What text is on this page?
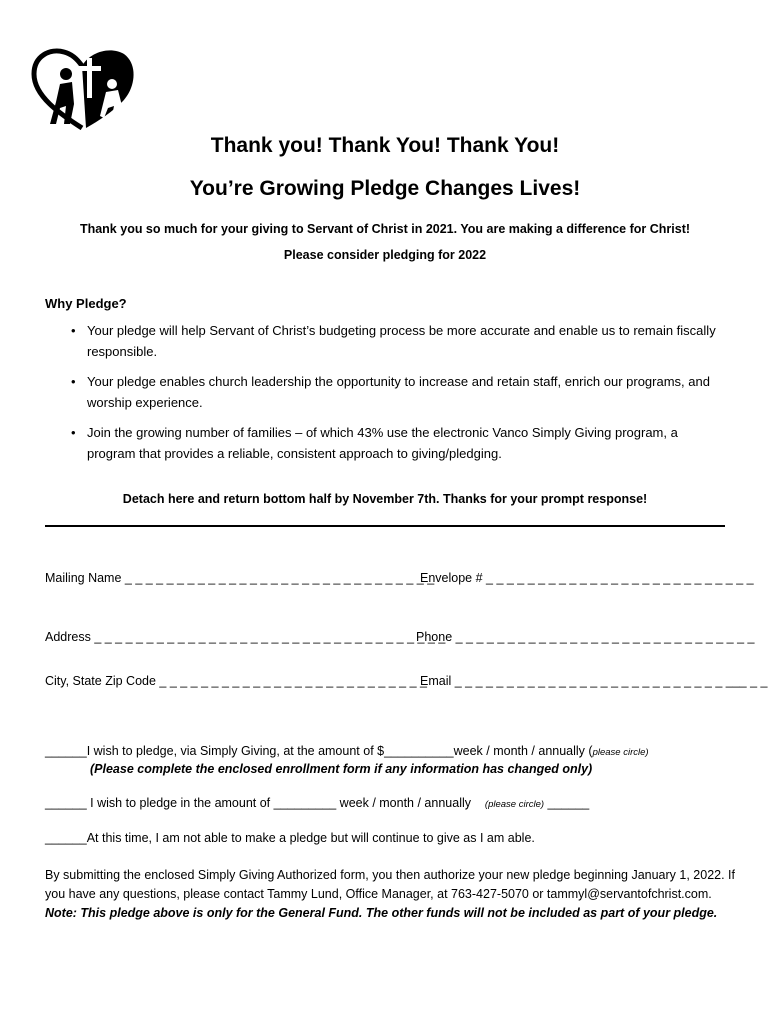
Thank you! Thank You! Thank You!
You’re Growing Pledge Changes Lives!
Thank you so much for your giving to Servant of Christ in 2021. You are making a difference for Christ!
Please consider pledging for 2022
Why Pledge?
• Your pledge will help Servant of Christ’s budgeting process be more accurate and enable us to remain fiscally responsible.
• Your pledge enables church leadership the opportunity to increase and retain staff, enrich our programs, and worship experience.
• Join the growing number of families – of which 43% use the electronic Vanco Simply Giving program, a program that provides a reliable, consistent approach to giving/pledging.
Detach here and return bottom half by November 7th. Thanks for your prompt response!
Mailing Name _ _ _ _ _ _ _ _ _ _ _ _ _ _ _ _ _ _ _ _ _ _ _ _ _ _ _ _ _ _
Envelope # _ _ _ _ _ _ _ _ _ _ _ _ _ _ _ _ _ _ _ _ _ _ _ _ _ _
Address _ _ _ _ _ _ _ _ _ _ _ _ _ _ _ _ _ _ _ _ _ _ _ _ _ _ _ _ _ _ _ _ _ _
Phone _ _ _ _ _ _ _ _ _ _ _ _ _ _ _ _ _ _ _ _ _ _ _ _ _ _ _ _ _
City, State Zip Code _ _ _ _ _ _ _ _ _ _ _ _ _ _ _ _ _ _ _ _ _ _ _ _ _ _
Email _ _ _ _ _ _ _ _ _ _ _ _ _ _ _ _ _ _ _ _ _ _ _ _ _ _ ___ _ _
______I wish to pledge, via Simply Giving, at the amount of $__________week / month / annually (please circle)
(Please complete the enclosed enrollment form if any information has changed only)
______ I wish to pledge in the amount of _________ week / month / annually (please circle) ______
______At this time, I am not able to make a pledge but will continue to give as I am able.
By submitting the enclosed Simply Giving Authorized form, you then authorize your new pledge beginning January 1, 2022. If you have any questions, please contact Tammy Lund, Office Manager, at 763-427-5070 or tammyl@servantofchrist.com. Note: This pledge above is only for the General Fund. The other funds will not be included as part of your pledge.
